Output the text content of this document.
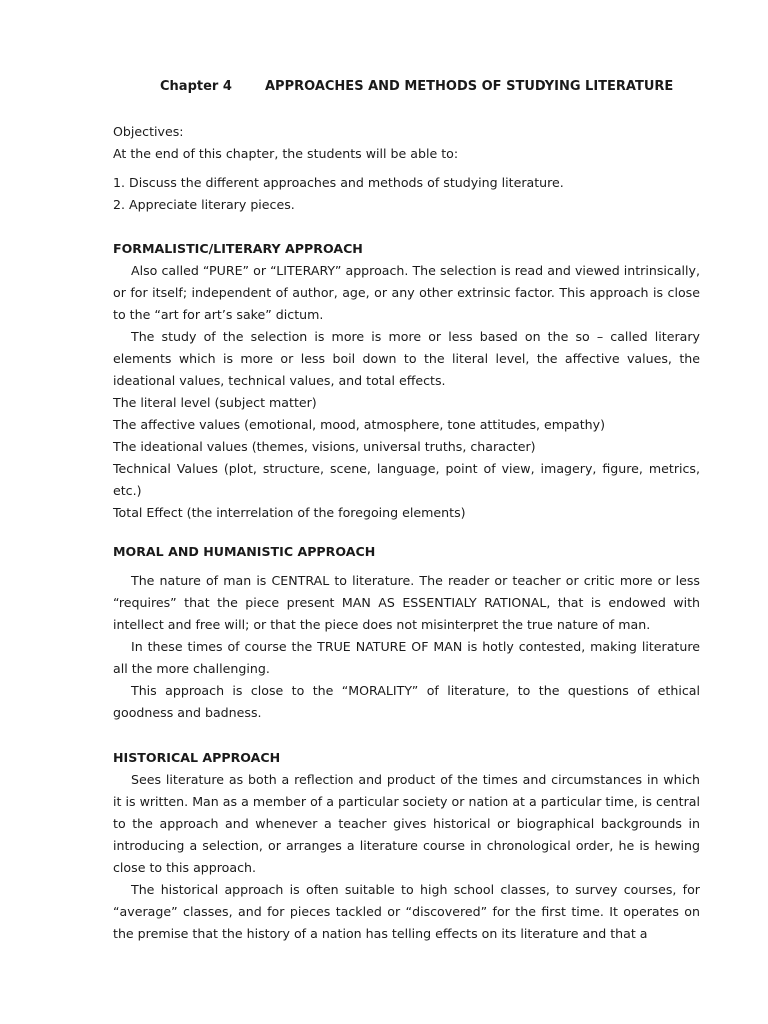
Chapter 4	APPROACHES AND METHODS OF STUDYING LITERATURE

Objectives:

At the end of this chapter, the students will be able to:

1. Discuss the different approaches and methods of studying literature.

2. Appreciate literary pieces.

FORMALISTIC/LITERARY APPROACH

Also called “PURE” or “LITERARY” approach. The selection is read and viewed intrinsically, or for itself; independent of author, age, or any other extrinsic factor. This approach is close to the “art for art’s sake” dictum.

The study of the selection is more is more or less based on the so – called literary elements which is more or less boil down to the literal level, the affective values, the ideational values, technical values, and total effects.

The literal level (subject matter)

The affective values (emotional, mood, atmosphere, tone attitudes, empathy)

The ideational values (themes, visions, universal truths, character)

Technical Values (plot, structure, scene, language, point of view, imagery, figure, metrics, etc.)

Total Effect (the interrelation of the foregoing elements)

MORAL AND HUMANISTIC APPROACH

The nature of man is CENTRAL to literature. The reader or teacher or critic more or less “requires” that the piece present MAN AS ESSENTIALY RATIONAL, that is endowed with intellect and free will; or that the piece does not misinterpret the true nature of man.

In these times of course the TRUE NATURE OF MAN is hotly contested, making literature all the more challenging.

This approach is close to the “MORALITY” of literature, to the questions of ethical goodness and badness.

HISTORICAL APPROACH

Sees literature as both a reflection and product of the times and circumstances in which it is written. Man as a member of a particular society or nation at a particular time, is central to the approach and whenever a teacher gives historical or biographical backgrounds in introducing a selection, or arranges a literature course in chronological order, he is hewing close to this approach.

The historical approach is often suitable to high school classes, to survey courses, for “average” classes, and for pieces tackled or “discovered” for the first time. It operates on the premise that the history of a nation has telling effects on its literature and that a
